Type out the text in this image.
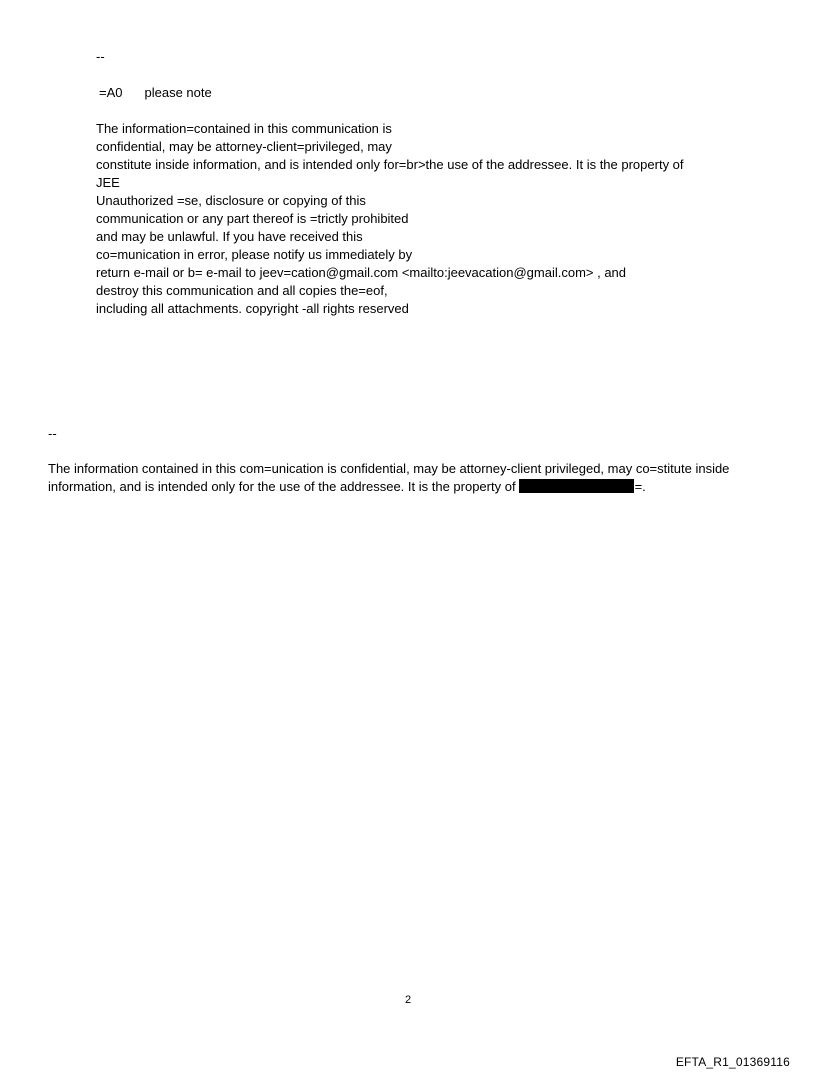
--

=A0 please note
The information=contained in this communication is
confidential, may be attorney-client=privileged, may
constitute inside information, and is intended only for=br>the use of the addressee. It is the property of
JEE
Unauthorized =se, disclosure or copying of this
communication or any part thereof is =trictly prohibited
and may be unlawful. If you have received this
co=munication in error, please notify us immediately by
return e-mail or b= e-mail to jeev=cation@gmail.com <mailto:jeevacation@gmail.com> , and
destroy this communication and all copies the=eof,
including all attachments. copyright -all rights reserved

--

The information contained in this com=unication is confidential, may be attorney-client privileged, may co=stitute inside
information, and is intended only for the use of the addressee. It is the property of	=.
2
EFTA_R1_01369116
